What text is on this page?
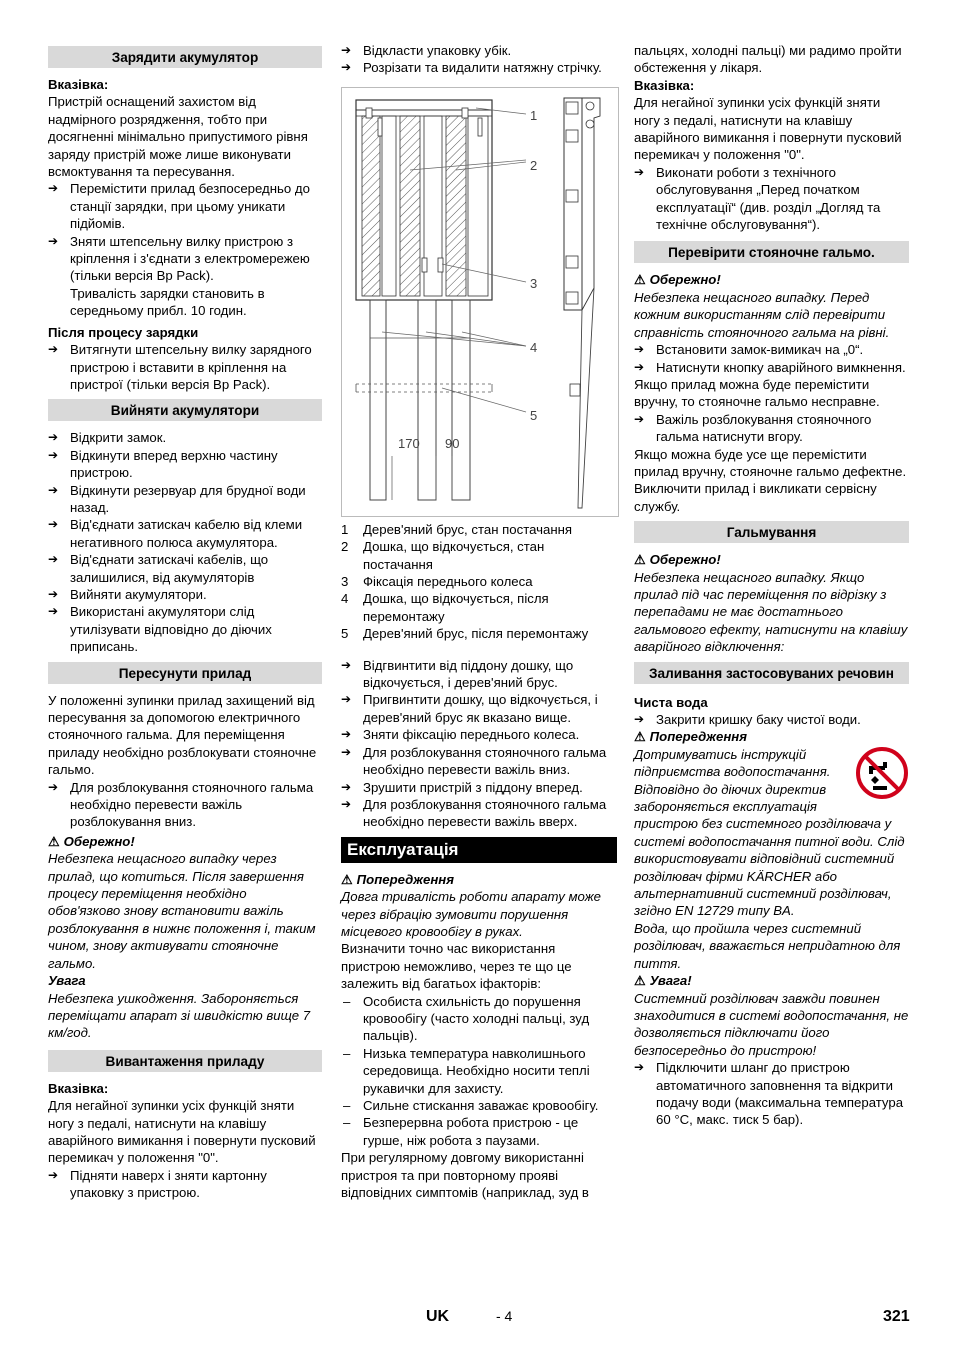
Зарядити акумулятор

Вказівка:

Пристрій оснащений захистом від надмірного розрядження, тобто при досягненні мінімально припустимого рівня заряду пристрій може лише виконувати всмоктування та пересування.

➔ Перемістити прилад безпосередньо до станції зарядки, при цьому уникати підйомів.

➔ Зняти штепсельну вилку пристрою з кріплення і з'єднати з електромережею (тільки версія Bp Pack).

Тривалість зарядки становить в середньому прибл. 10 годин.

Після процесу зарядки

➔ Витягнути штепсельну вилку зарядного пристрою і вставити в кріплення на пристрої (тільки версія Bp Pack).

Вийняти акумулятори

➔ Відкрити замок.

➔ Відкинути вперед верхню частину пристрою.

➔ Відкинути резервуар для брудної води назад.

➔ Від'єднати затискач кабелю від клеми негативного полюса акумулятора.

➔ Від'єднати затискачі кабелів, що залишилися, від акумуляторів

➔ Вийняти акумулятори.

➔ Використані акумулятори слід утилізувати відповідно до діючих приписань.

Пересунути прилад

У положенні зупинки прилад захищений від пересування за допомогою електричного стояночного гальма. Для переміщення приладу необхідно розблокувати стояночне гальмо.

➔ Для розблокування стояночного гальма необхідно перевести важіль розблокування вниз.

⚠ Обережно!

Небезпека нещасного випадку через прилад, що котиться. Після завершення процесу переміщення необхідно обов'язково знову встановити важіль розблокування в нижнє положення і, таким чином, знову активувати стояночне гальмо.

Увага

Небезпека ушкодження. Забороняється переміщати апарат зі швидкістю вище 7 км/год.

Вивантаження приладу

Вказівка:

Для негайної зупинки усіх функцій зняти ногу з педалі, натиснути на клавішу аварійного вимикання і повернути пусковий перемикач у положення "0".

➔ Підняти наверх і зняти картонну упаковку з пристрою.

➔ Відкласти упаковку убік.

➔ Розрізати та видалити натяжну стрічку.

1
2
3
4
5
170 90

1 Дерев'яний брус, стан постачання

2 Дошка, що відкочується, стан постачання

3 Фіксація переднього колеса

4 Дошка, що відкочується, після перемонтажу

5 Дерев'яний брус, після перемонтажу

➔ Відгвинтити від піддону дошку, що відкочується, і дерев'яний брус.

➔ Пригвинтити дошку, що відкочується, і дерев'яний брус як вказано вище.

➔ Зняти фіксацію переднього колеса.

➔ Для розблокування стояночного гальма необхідно перевести важіль вниз.

➔ Зрушити пристрій з піддону вперед.

➔ Для розблокування стояночного гальма необхідно перевести важіль вверх.

Експлуатація

⚠ Попередження

Довга тривалість роботи апарату може через вібрацію зумовити порушення місцевого кровообігу в руках.

Визначити точно час використання пристрою неможливо, через те що це залежить від багатьох іфакторів:

– Особиста схильність до порушення кровообігу (часто холодні пальці, зуд пальців).

– Низька температура навколишнього середовища. Необхідно носити теплі рукавички для захисту.

– Сильне стискання заважає кровообігу.

– Безперервна робота пристрою - це гурше, ніж робота з паузами.

При регулярному довгому використанні пристроя та при повторному прояві відповідних симптомів (наприклад, зуд в

пальцях, холодні пальці) ми радимо пройти обстеження у лікаря.

Вказівка:

Для негайної зупинки усіх функцій зняти ногу з педалі, натиснути на клавішу аварійного вимикання і повернути пусковий перемикач у положення "0".

➔ Виконати роботи з технічного обслуговування „Перед початком експлуатації“ (див. розділ „Догляд та технічне обслуговування“).

Перевірити стояночне гальмо.

⚠ Обережно!

Небезпека нещасного випадку. Перед кожним використанням слід перевірити справність стояночного гальма на рівні.

➔ Встановити замок-вимикач на „0“.

➔ Натиснути кнопку аварійного вимкнення.

Якщо прилад можна буде перемістити вручну, то стояночне гальмо несправне.

➔ Важіль розблокування стояночного гальма натиснути вгору.

Якщо можна буде усе ще перемістити прилад вручну, стояночне гальмо дефектне. Виключити прилад і викликати сервісну службу.

Гальмування

⚠ Обережно!

Небезпека нещасного випадку. Якщо прилад під час переміщення по відрізку з перепадами не має достатнього гальмового ефекту, натиснути на клавішу аварійного відключення:

Заливання застосовуваних речовин

Чиста вода

➔ Закрити кришку баку чистої води.

⚠ Попередження

Дотримуватись інструкцій підприємства водопостачання. Відповідно до діючих директив забороняється експлуатація пристрою без системного розділювача у системі водопостачання питної води. Слід використовувати відповідний системний розділювач фірми KÄRCHER або альтернативний системний розділювач, згідно EN 12729 типу BA.

Вода, що пройшла через системний розділювач, вважається непридатною для пиття.

⚠ Увага!

Системний розділювач завжди повинен знаходитися в системі водопостачання, не дозволяється підключати його безпосередньо до пристрою!

➔ Підключити шланг до пристрою автоматичного заповнення та відкрити подачу води (максимальна температура 60 °C, макс. тиск 5 бар).

UK	- 4	321
